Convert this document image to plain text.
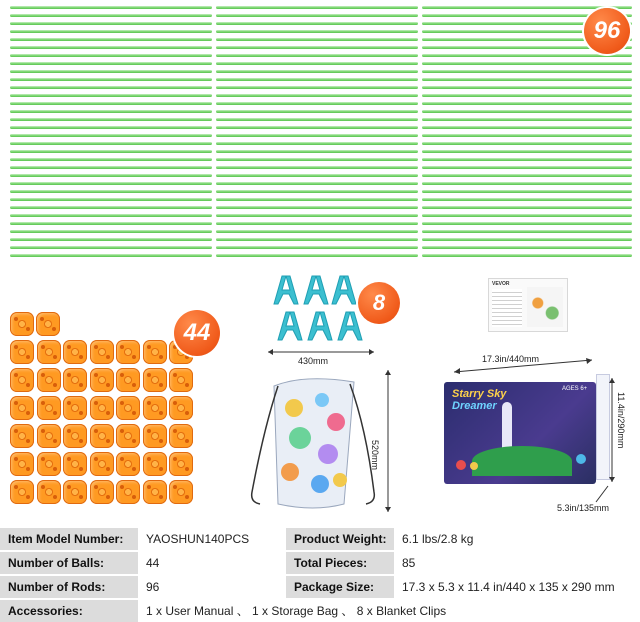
96
44
8
430mm
520mm
VEVOR
17.3in/440mm
Starry Sky
Dreamer
AGES 6+
11.4in/290mm
5.3in/135mm
Item Model Number:	YAOSHUN140PCS	Product Weight:	6.1 lbs/2.8 kg
Number of Balls:	44	Total Pieces:	85
Number of Rods:	96	Package Size:	17.3 x 5.3 x 11.4 in/440 x 135 x 290 mm
Accessories:	1 x User Manual 、 1 x Storage Bag 、 8 x Blanket Clips
